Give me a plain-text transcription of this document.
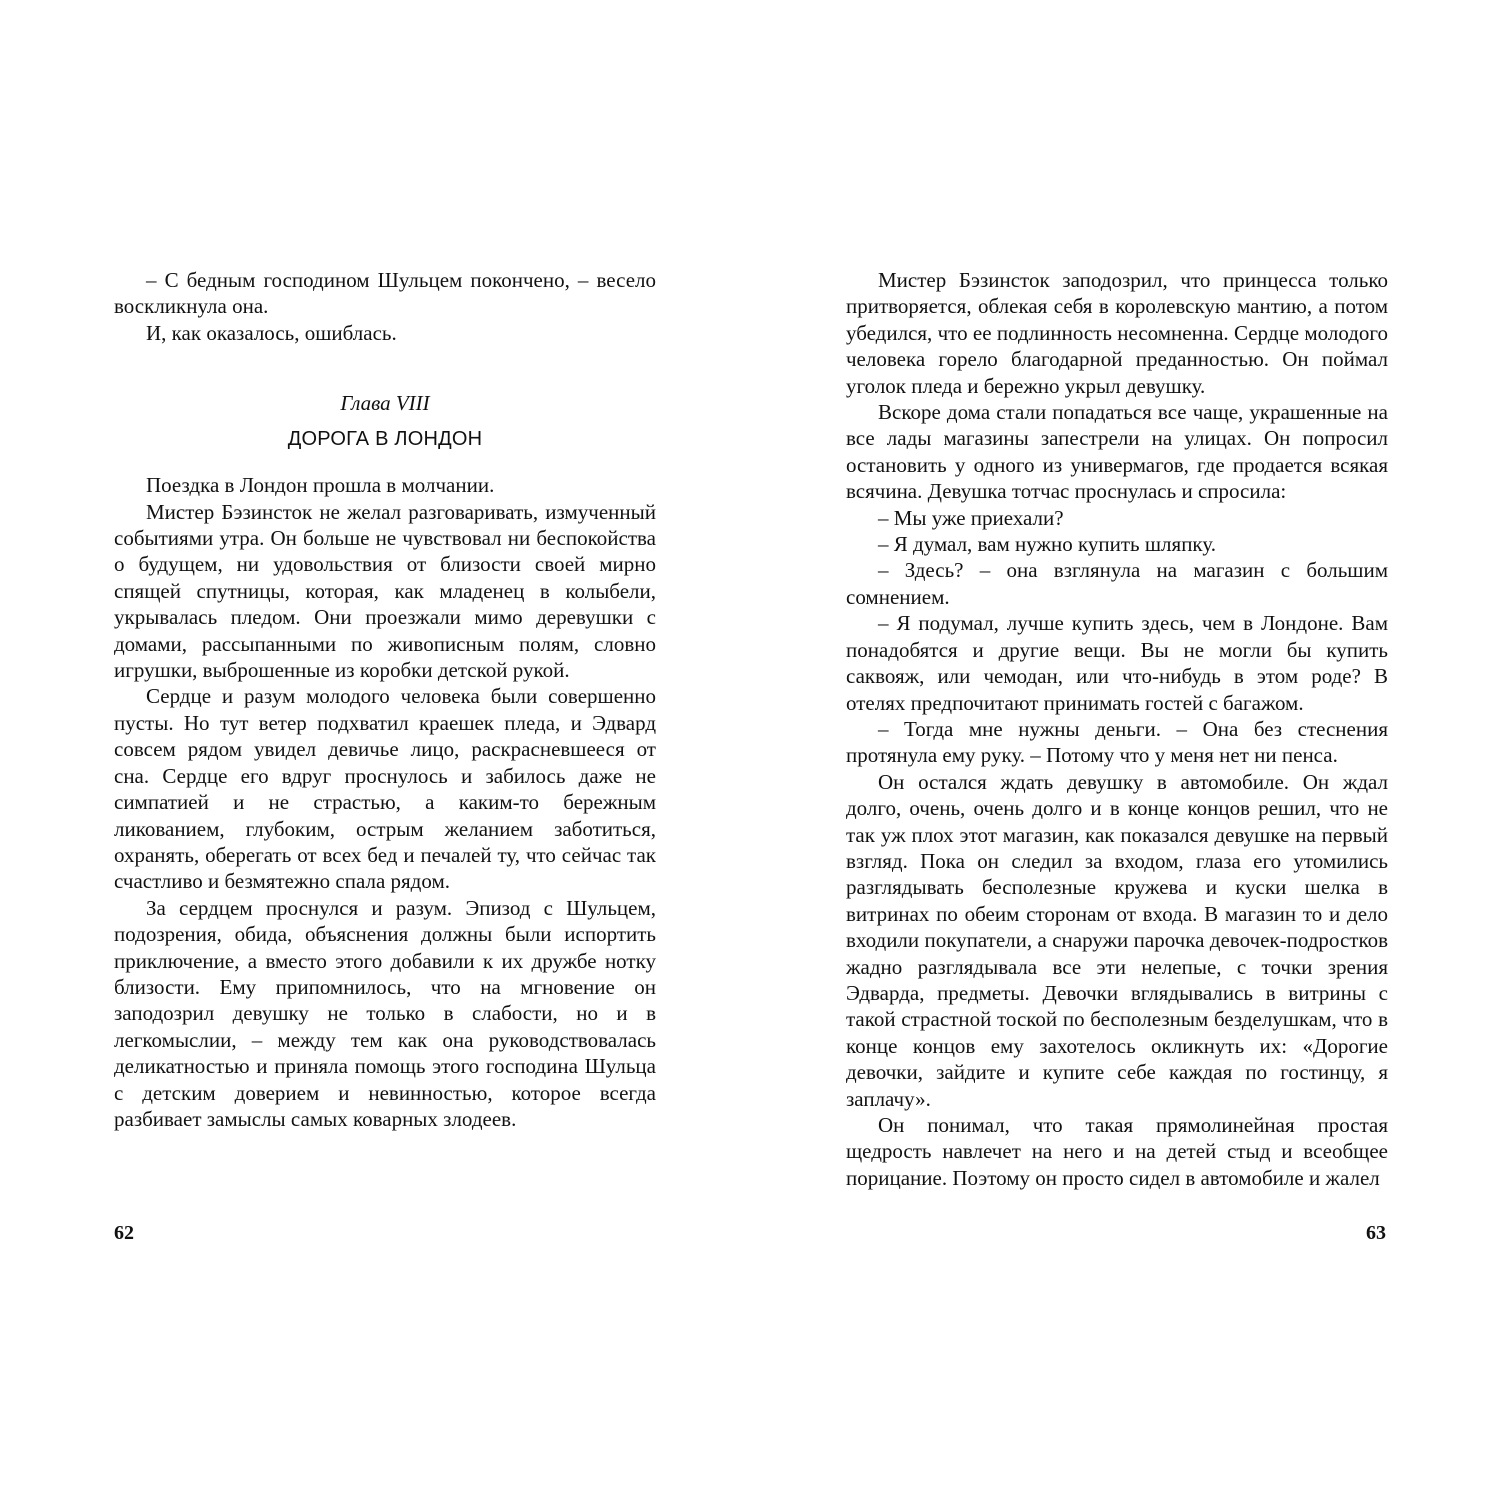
– С бедным господином Шульцем покончено, – весело воскликнула она.

И, как оказалось, ошиблась.

Глава VIII
ДОРОГА В ЛОНДОН

Поездка в Лондон прошла в молчании.

Мистер Бэзинсток не желал разговаривать, измученный событиями утра. Он больше не чувствовал ни беспокойства о будущем, ни удовольствия от близости своей мирно спящей спутницы, которая, как младенец в колыбели, укрывалась пледом. Они проезжали мимо деревушки с домами, рассыпанными по живописным полям, словно игрушки, выброшенные из коробки детской рукой.

Сердце и разум молодого человека были совершенно пусты. Но тут ветер подхватил краешек пледа, и Эдвард совсем рядом увидел девичье лицо, раскрасневшееся от сна. Сердце его вдруг проснулось и забилось даже не симпатией и не страстью, а каким-то бережным ликованием, глубоким, острым желанием заботиться, охранять, оберегать от всех бед и печалей ту, что сейчас так счастливо и безмятежно спала рядом.

За сердцем проснулся и разум. Эпизод с Шульцем, подозрения, обида, объяснения должны были испортить приключение, а вместо этого добавили к их дружбе нотку близости. Ему припомнилось, что на мгновение он заподозрил девушку не только в слабости, но и в легкомыслии, – между тем как она руководствовалась деликатностью и приняла помощь этого господина Шульца с детским доверием и невинностью, которое всегда разбивает замыслы самых коварных злодеев.

62

Мистер Бэзинсток заподозрил, что принцесса только притворяется, облекая себя в королевскую мантию, а потом убедился, что ее подлинность несомненна. Сердце молодого человека горело благодарной преданностью. Он поймал уголок пледа и бережно укрыл девушку.

Вскоре дома стали попадаться все чаще, украшенные на все лады магазины запестрели на улицах. Он попросил остановить у одного из универмагов, где продается всякая всячина. Девушка тотчас проснулась и спросила:

– Мы уже приехали?

– Я думал, вам нужно купить шляпку.

– Здесь? – она взглянула на магазин с большим сомнением.

– Я подумал, лучше купить здесь, чем в Лондоне. Вам понадобятся и другие вещи. Вы не могли бы купить саквояж, или чемодан, или что-нибудь в этом роде? В отелях предпочитают принимать гостей с багажом.

– Тогда мне нужны деньги. – Она без стеснения протянула ему руку. – Потому что у меня нет ни пенса.

Он остался ждать девушку в автомобиле. Он ждал долго, очень, очень долго и в конце концов решил, что не так уж плох этот магазин, как показался девушке на первый взгляд. Пока он следил за входом, глаза его утомились разглядывать бесполезные кружева и куски шелка в витринах по обеим сторонам от входа. В магазин то и дело входили покупатели, а снаружи парочка девочек-подростков жадно разглядывала все эти нелепые, с точки зрения Эдварда, предметы. Девочки вглядывались в витрины с такой страстной тоской по бесполезным безделушкам, что в конце концов ему захотелось окликнуть их: «Дорогие девочки, зайдите и купите себе каждая по гостинцу, я заплачу».

Он понимал, что такая прямолинейная простая щедрость навлечет на него и на детей стыд и всеобщее порицание. Поэтому он просто сидел в автомобиле и жалел

63
